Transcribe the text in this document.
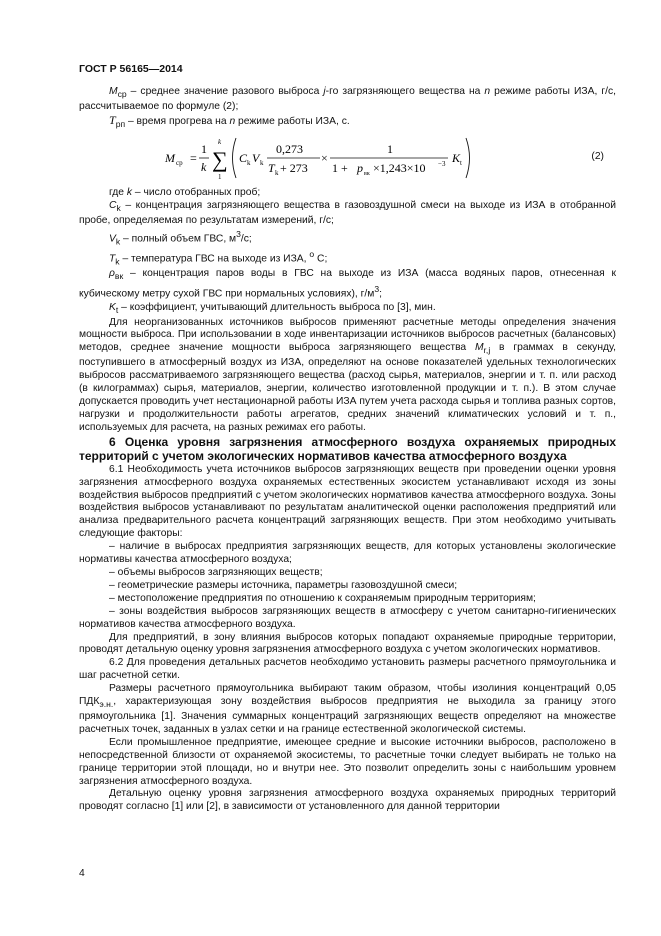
ГОСТ Р 56165—2014

$M_{ср}$ – среднее значение разового выброса j-го загрязняющего вещества на n режиме работы ИЗА, г/с, рассчитываемое по формуле (2);

$T_{рп}$ – время прогрева на n режиме работы ИЗА, с.

M ср =
1
k ∑
k
1
C k V k
0,273
T k + 273
×
1
1 + p вк ×1,243×10 −3 K t
(2)

где k – число отобранных проб;

$C_k$ – концентрация загрязняющего вещества в газовоздушной смеси на выходе из ИЗА в отобранной пробе, определяемая по результатам измерений, г/с;

$V_k$ – полный объем ГВС, $м^3/с$;

$T_k$ – температура ГВС на выходе из ИЗА, $^o$ С;

$\rho_{вк}$ – концентрация паров воды в ГВС на выходе из ИЗА (масса водяных паров, отнесенная к кубическому метру сухой ГВС при нормальных условиях), $г/м^3$;

$K_t$ – коэффициент, учитывающий длительность выброса по [3], мин.

Для неорганизованных источников выбросов применяют расчетные методы определения значения мощности выброса. При использовании в ходе инвентаризации источников выбросов расчетных (балансовых) методов, среднее значение мощности выброса загрязняющего вещества $M_{r,j}$ в граммах в секунду, поступившего в атмосферный воздух из ИЗА, определяют на основе показателей удельных технологических выбросов рассматриваемого загрязняющего вещества (расход сырья, материалов, энергии и т. п. или расход (в килограммах) сырья, материалов, энергии, количество изготовленной продукции и т. п.). В этом случае допускается проводить учет нестационарной работы ИЗА путем учета расхода сырья и топлива разных сортов, нагрузки и продолжительности работы агрегатов, средних значений климатических условий и т. п., используемых для расчета, на разных режимах его работы.

6 Оценка уровня загрязнения атмосферного воздуха охраняемых природных территорий с учетом экологических нормативов качества атмосферного воздуха

6.1 Необходимость учета источников выбросов загрязняющих веществ при проведении оценки уровня загрязнения атмосферного воздуха охраняемых естественных экосистем устанавливают исходя из зоны воздействия выбросов предприятий с учетом экологических нормативов качества атмосферного воздуха. Зоны воздействия выбросов устанавливают по результатам аналитической оценки расположения предприятий или анализа предварительного расчета концентраций загрязняющих веществ. При этом необходимо учитывать следующие факторы:

– наличие в выбросах предприятия загрязняющих веществ, для которых установлены экологические нормативы качества атмосферного воздуха;

– объемы выбросов загрязняющих веществ;

– геометрические размеры источника, параметры газовоздушной смеси;

– местоположение предприятия по отношению к сохраняемым природным территориям;

– зоны воздействия выбросов загрязняющих веществ в атмосферу с учетом санитарно-гигиенических нормативов качества атмосферного воздуха.

Для предприятий, в зону влияния выбросов которых попадают охраняемые природные территории, проводят детальную оценку уровня загрязнения атмосферного воздуха с учетом экологических нормативов.

6.2 Для проведения детальных расчетов необходимо установить размеры расчетного прямоугольника и шаг расчетной сетки.

Размеры расчетного прямоугольника выбирают таким образом, чтобы изолиния концентраций 0,05 $ПДК_{э.н.}$, характеризующая зону воздействия выбросов предприятия не выходила за границу этого прямоугольника [1]. Значения суммарных концентраций загрязняющих веществ определяют на множестве расчетных точек, заданных в узлах сетки и на границе естественной экологической системы.

Если промышленное предприятие, имеющее средние и высокие источники выбросов, расположено в непосредственной близости от охраняемой экосистемы, то расчетные точки следует выбирать не только на границе территории этой площади, но и внутри нее. Это позволит определить зоны с наибольшим уровнем загрязнения атмосферного воздуха.

Детальную оценку уровня загрязнения атмосферного воздуха охраняемых природных территорий проводят согласно [1] или [2], в зависимости от установленного для данной территории

4
